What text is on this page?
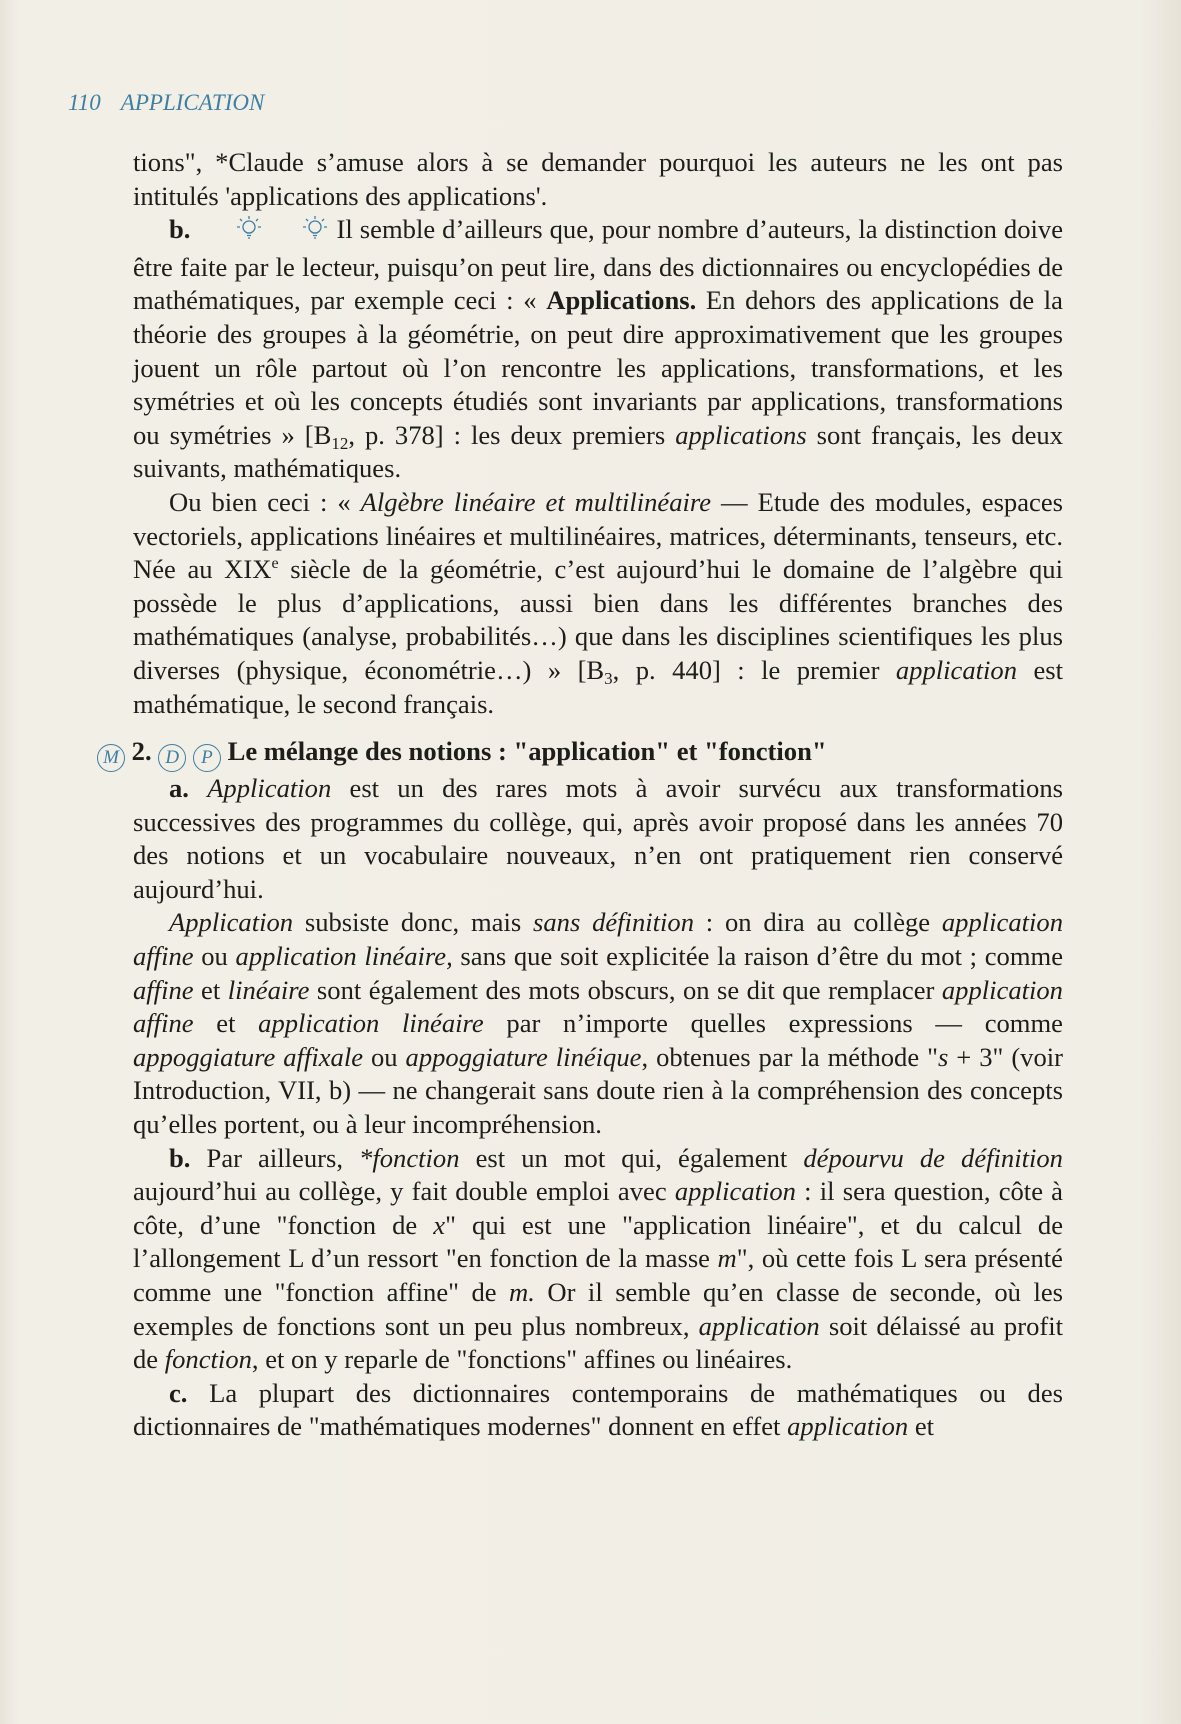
110 APPLICATION

tions", *Claude s’amuse alors à se demander pourquoi les auteurs ne les ont pas intitulés 'applications des applications'.

b.	Il semble d’ailleurs que, pour nombre d’auteurs, la distinction doive être faite par le lecteur, puisqu’on peut lire, dans des dictionnaires ou encyclopédies de mathématiques, par exemple ceci : « Applications. En dehors des applications de la théorie des groupes à la géométrie, on peut dire approximativement que les groupes jouent un rôle partout où l’on rencontre les applications, transformations, et les symétries et où les concepts étudiés sont invariants par applications, transformations ou symétries » [$B_{12}$, p. 378] : les deux premiers applications sont français, les deux suivants, mathématiques.

Ou bien ceci : « Algèbre linéaire et multilinéaire — Etude des modules, espaces vectoriels, applications linéaires et multilinéaires, matrices, déterminants, tenseurs, etc. Née au XIXe siècle de la géométrie, c’est aujourd’hui le domaine de l’algèbre qui possède le plus d’applications, aussi bien dans les différentes branches des mathématiques (analyse, probabilités…) que dans les disciplines scientifiques les plus diverses (physique, économétrie…) » [$B_3$, p. 440] : le premier application est mathématique, le second français.

M 2. D P Le mélange des notions : "application" et "fonction"

a. Application est un des rares mots à avoir survécu aux transformations successives des programmes du collège, qui, après avoir proposé dans les années 70 des notions et un vocabulaire nouveaux, n’en ont pratiquement rien conservé aujourd’hui.

Application subsiste donc, mais sans définition : on dira au collège application affine ou application linéaire, sans que soit explicitée la raison d’être du mot ; comme affine et linéaire sont également des mots obscurs, on se dit que remplacer application affine et application linéaire par n’importe quelles expressions — comme appoggiature affixale ou appoggiature linéique, obtenues par la méthode "s + 3" (voir Introduction, VII, b) — ne changerait sans doute rien à la compréhension des concepts qu’elles portent, ou à leur incompréhension.

b. Par ailleurs, *fonction est un mot qui, également dépourvu de définition aujourd’hui au collège, y fait double emploi avec application : il sera question, côte à côte, d’une "fonction de x" qui est une "application linéaire", et du calcul de l’allongement L d’un ressort "en fonction de la masse m", où cette fois L sera présenté comme une "fonction affine" de m. Or il semble qu’en classe de seconde, où les exemples de fonctions sont un peu plus nombreux, application soit délaissé au profit de fonction, et on y reparle de "fonctions" affines ou linéaires.

c. La plupart des dictionnaires contemporains de mathématiques ou des dictionnaires de "mathématiques modernes" donnent en effet application et
